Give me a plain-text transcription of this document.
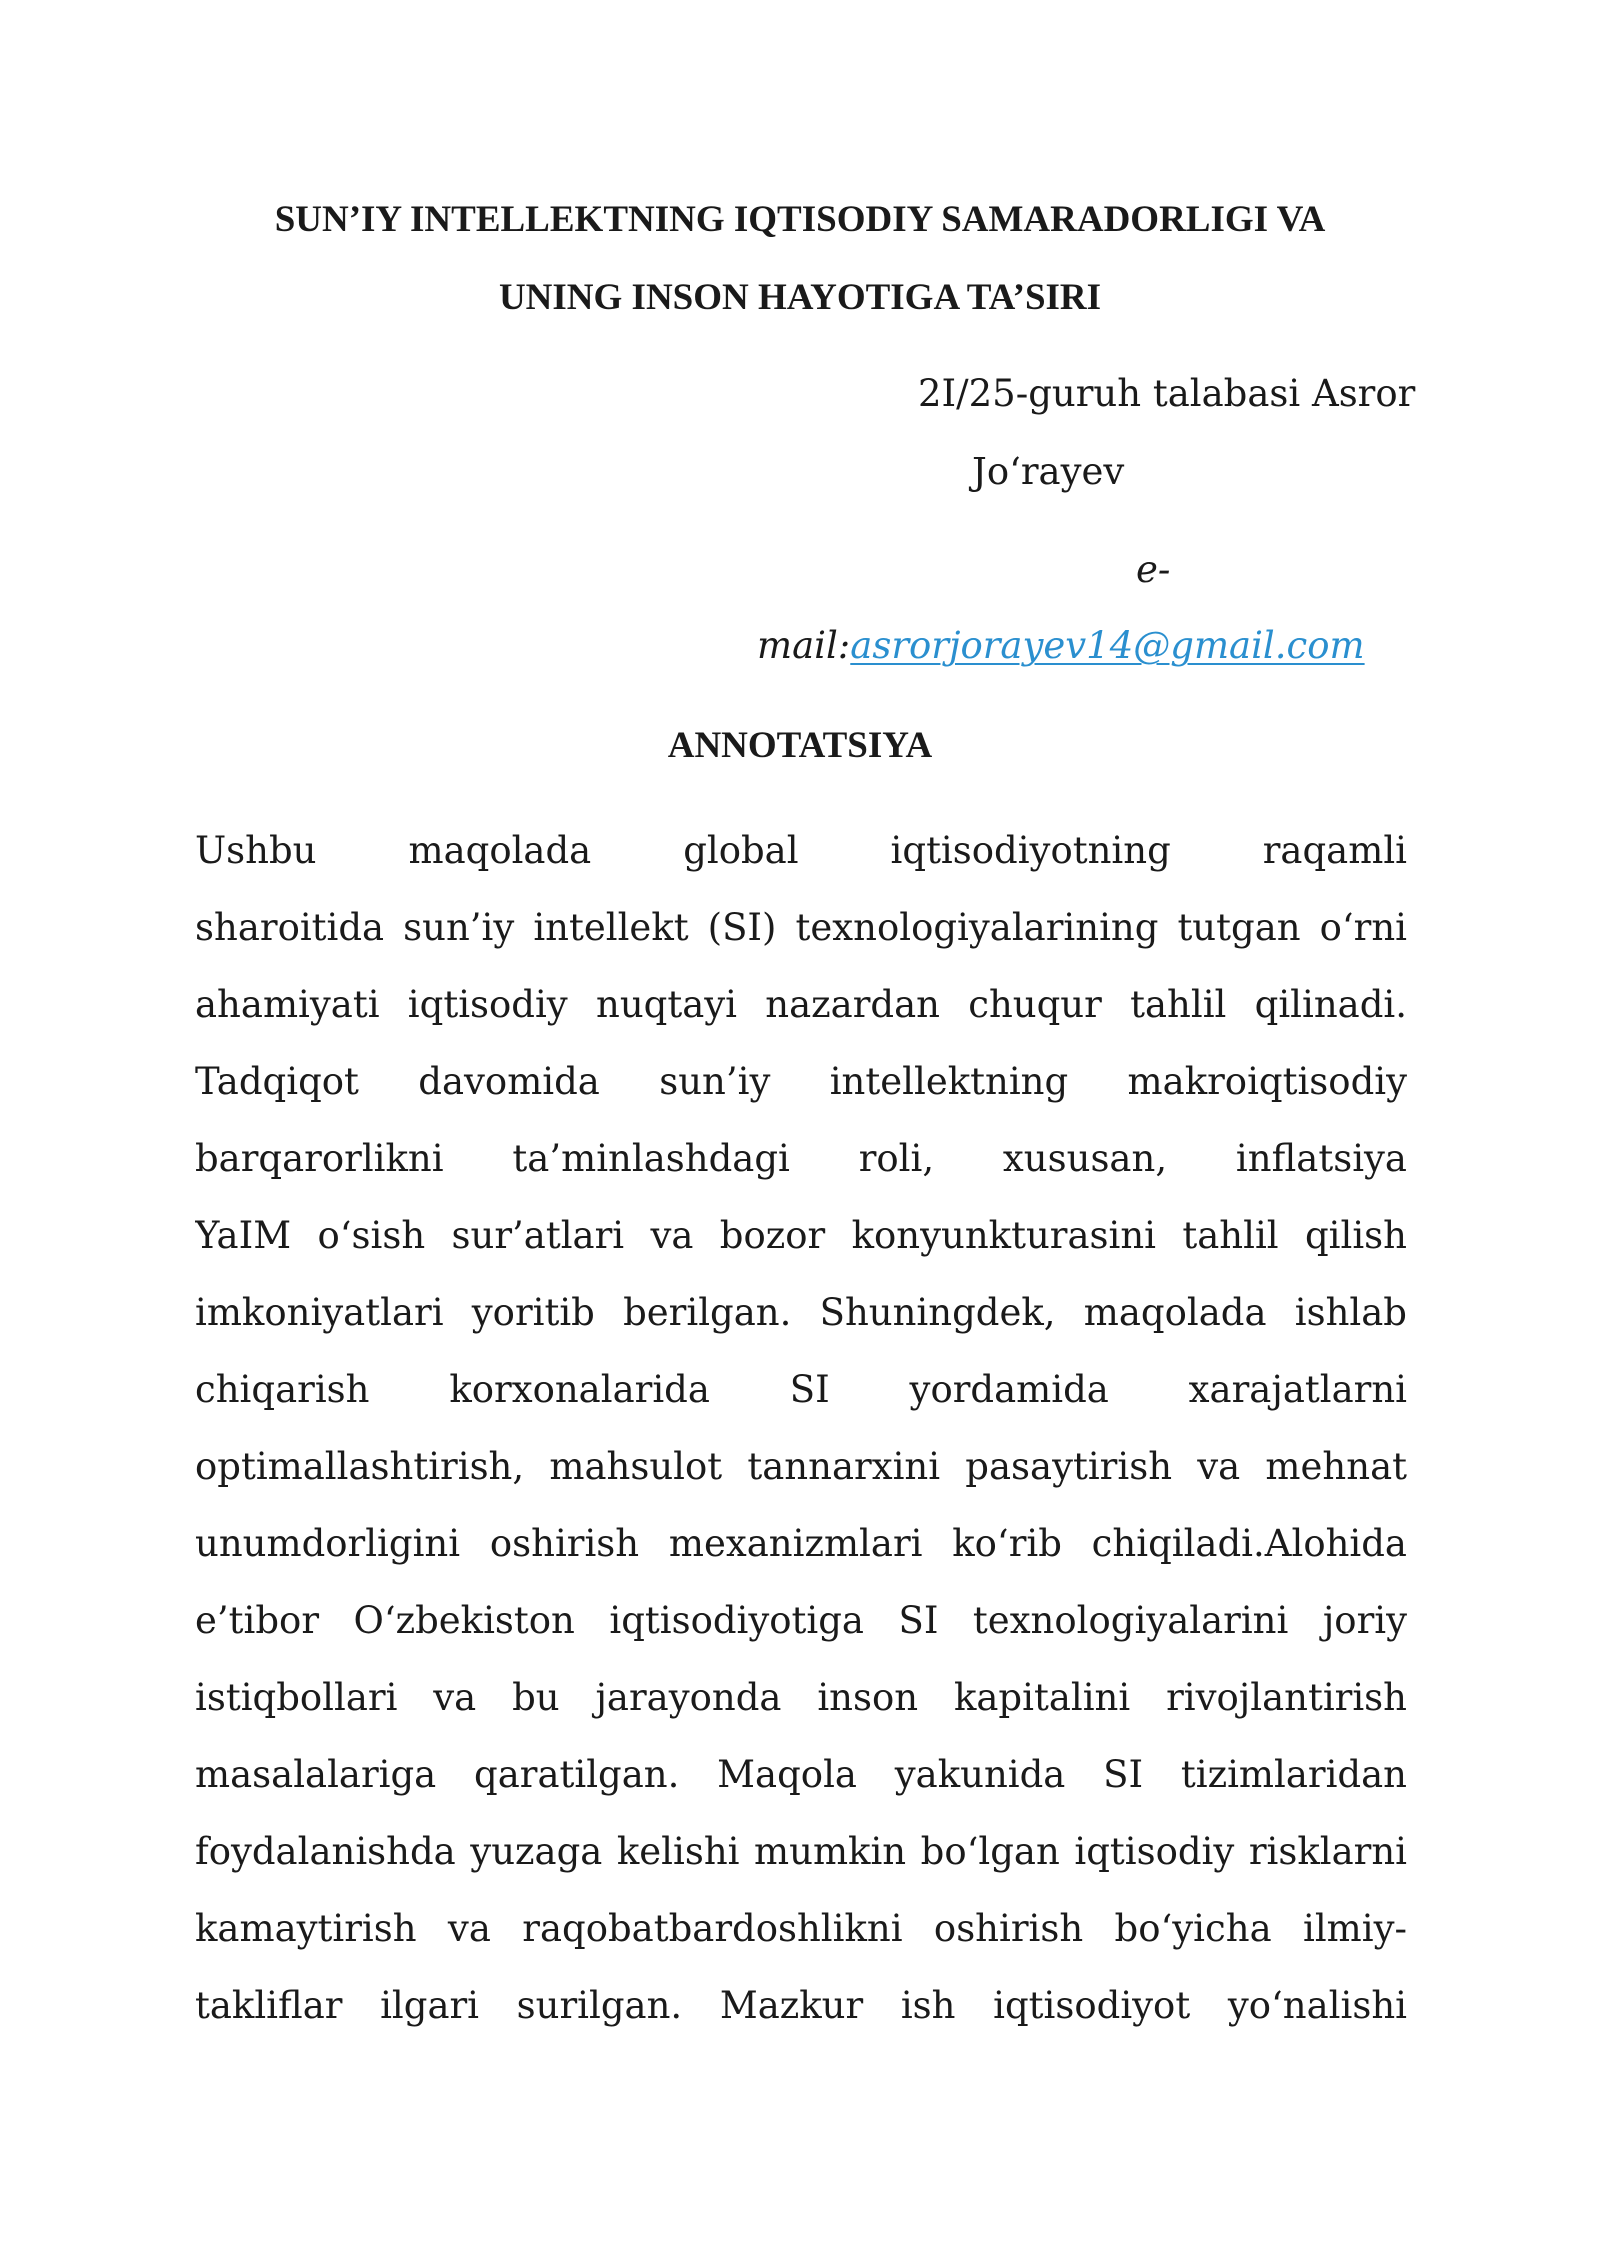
SUN’IY INTELLEKTNING IQTISODIY SAMARADORLIGI VA
UNING INSON HAYOTIGA TA’SIRI
2I/25-guruh talabasi Asror
Jo‘rayev
e-
mail:asrorjorayev14@gmail.com
ANNOTATSIYA
Ushbu maqolada global iqtisodiyotning raqamli
sharoitida sun’iy intellekt (SI) texnologiyalarining tutgan o‘rni
ahamiyati iqtisodiy nuqtayi nazardan chuqur tahlil qilinadi.
Tadqiqot davomida sun’iy intellektning makroiqtisodiy
barqarorlikni ta’minlashdagi roli, xususan, inflatsiya
YaIM o‘sish sur’atlari va bozor konyunkturasini tahlil qilish
imkoniyatlari yoritib berilgan. Shuningdek, maqolada ishlab
chiqarish korxonalarida SI yordamida xarajatlarni
optimallashtirish, mahsulot tannarxini pasaytirish va mehnat
unumdorligini oshirish mexanizmlari ko‘rib chiqiladi.Alohida
e’tibor O‘zbekiston iqtisodiyotiga SI texnologiyalarini joriy
istiqbollari va bu jarayonda inson kapitalini rivojlantirish
masalalariga qaratilgan. Maqola yakunida SI tizimlaridan
foydalanishda yuzaga kelishi mumkin bo‘lgan iqtisodiy risklarni
kamaytirish va raqobatbardoshlikni oshirish bo‘yicha ilmiy-
takliflar ilgari surilgan. Mazkur ish iqtisodiyot yo‘nalishi
